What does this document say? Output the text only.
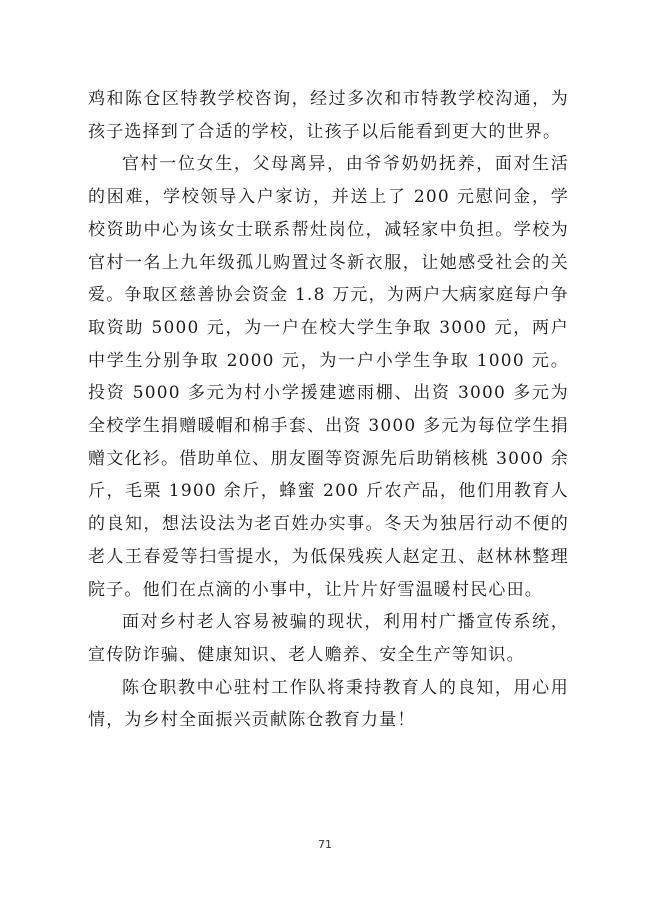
鸡和陈仓区特教学校咨询，经过多次和市特教学校沟通，为孩子选择到了合适的学校，让孩子以后能看到更大的世界。

官村一位女生，父母离异，由爷爷奶奶抚养，面对生活的困难，学校领导入户家访，并送上了 200 元慰问金，学校资助中心为该女士联系帮灶岗位，减轻家中负担。学校为官村一名上九年级孤儿购置过冬新衣服，让她感受社会的关爱。争取区慈善协会资金 1.8 万元，为两户大病家庭每户争取资助 5000 元，为一户在校大学生争取 3000 元，两户中学生分别争取 2000 元，为一户小学生争取 1000 元。投资 5000 多元为村小学援建遮雨棚、出资 3000 多元为全校学生捐赠暖帽和棉手套、出资 3000 多元为每位学生捐赠文化衫。借助单位、朋友圈等资源先后助销核桃 3000 余斤，毛栗 1900 余斤，蜂蜜 200 斤农产品，他们用教育人的良知，想法设法为老百姓办实事。冬天为独居行动不便的老人王春爱等扫雪提水，为低保残疾人赵定丑、赵林林整理院子。他们在点滴的小事中，让片片好雪温暖村民心田。

面对乡村老人容易被骗的现状，利用村广播宣传系统，宣传防诈骗、健康知识、老人赡养、安全生产等知识。

陈仓职教中心驻村工作队将秉持教育人的良知，用心用情，为乡村全面振兴贡献陈仓教育力量！

71
